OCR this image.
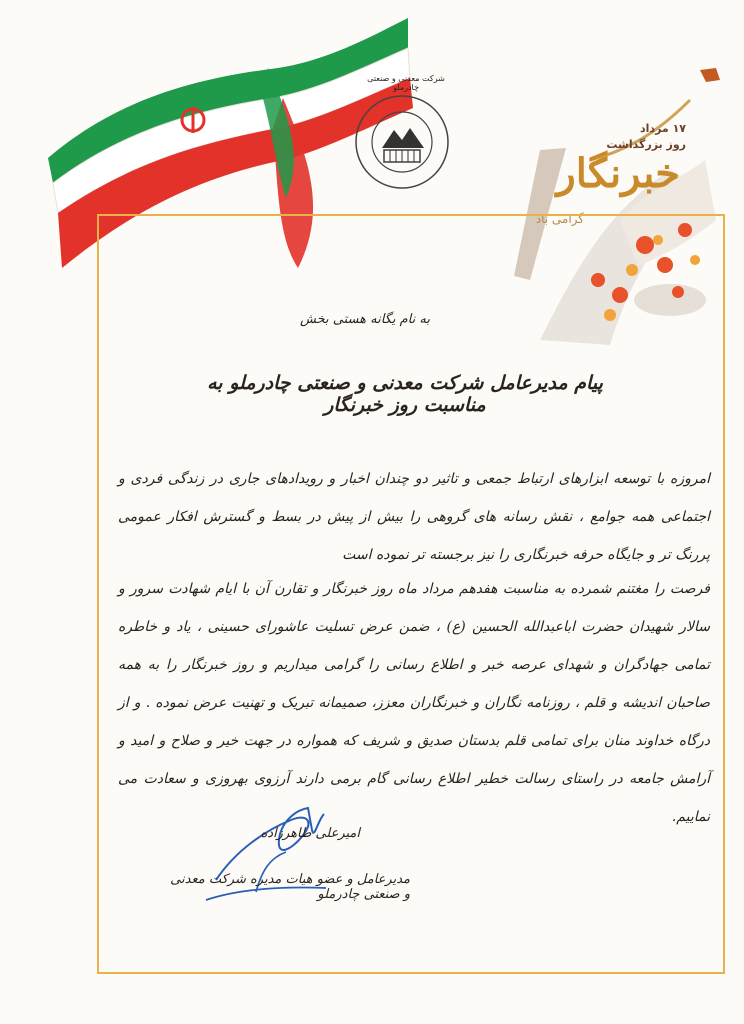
۱۷ مرداد
روز بزرگداشت
خبرنگار
گرامی باد
به نام یگانه هستی بخش
پیام مدیرعامل شرکت معدنی و صنعتی چادرملو به مناسبت روز خبرنگار
امروزه با توسعه ابزارهای ارتباط جمعی و تاثیر دو چندان اخبار و رویدادهای جاری در زندگی فردی و اجتماعی همه جوامع ، نقش رسانه های گروهی را بیش از پیش در بسط و گسترش افکار عمومی پررنگ تر و جایگاه حرفه خبرنگاری را نیز برجسته تر نموده است
فرصت را مغتنم شمرده به مناسبت هفدهم مرداد ماه روز خبرنگار و تقارن آن با ایام شهادت سرور و سالار شهیدان حضرت اباعبدالله الحسین (ع) ، ضمن عرض تسلیت عاشورای حسینی ، یاد و خاطره تمامی جهادگران و شهدای عرصه خبر و اطلاع رسانی را گرامی میداریم و روز خبرنگار را به همه صاحبان اندیشه و قلم ، روزنامه نگاران و خبرنگاران معزز، صمیمانه تبریک و تهنیت عرض نموده . و از درگاه خداوند منان برای تمامی قلم بدستان صدیق و شریف که همواره در جهت خیر و صلاح و امید و آرامش جامعه در راستای رسالت خطیر اطلاع رسانی گام برمی دارند آرزوی بهروزی و سعادت می نماییم.
امیرعلی طاهرزاده
مدیرعامل و عضو هیات مدیره شرکت معدنی و صنعتی چادرملو
شرکت معدنی و صنعتی چادرملو
